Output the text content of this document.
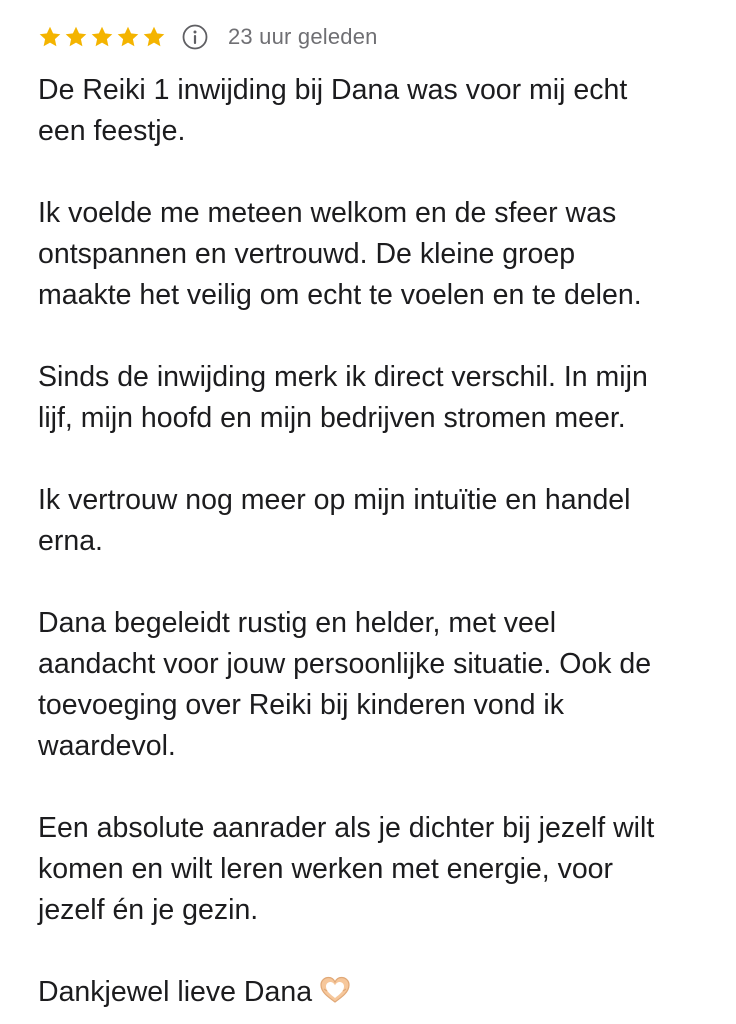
23 uur geleden

De Reiki 1 inwijding bij Dana was voor mij echt
een feestje.

Ik voelde me meteen welkom en de sfeer was
ontspannen en vertrouwd. De kleine groep
maakte het veilig om echt te voelen en te delen.

Sinds de inwijding merk ik direct verschil. In mijn
lijf, mijn hoofd en mijn bedrijven stromen meer.

Ik vertrouw nog meer op mijn intuïtie en handel
erna.

Dana begeleidt rustig en helder, met veel
aandacht voor jouw persoonlijke situatie. Ook de
toevoeging over Reiki bij kinderen vond ik
waardevol.

Een absolute aanrader als je dichter bij jezelf wilt
komen en wilt leren werken met energie, voor
jezelf én je gezin.

Dankjewel lieve Dana
